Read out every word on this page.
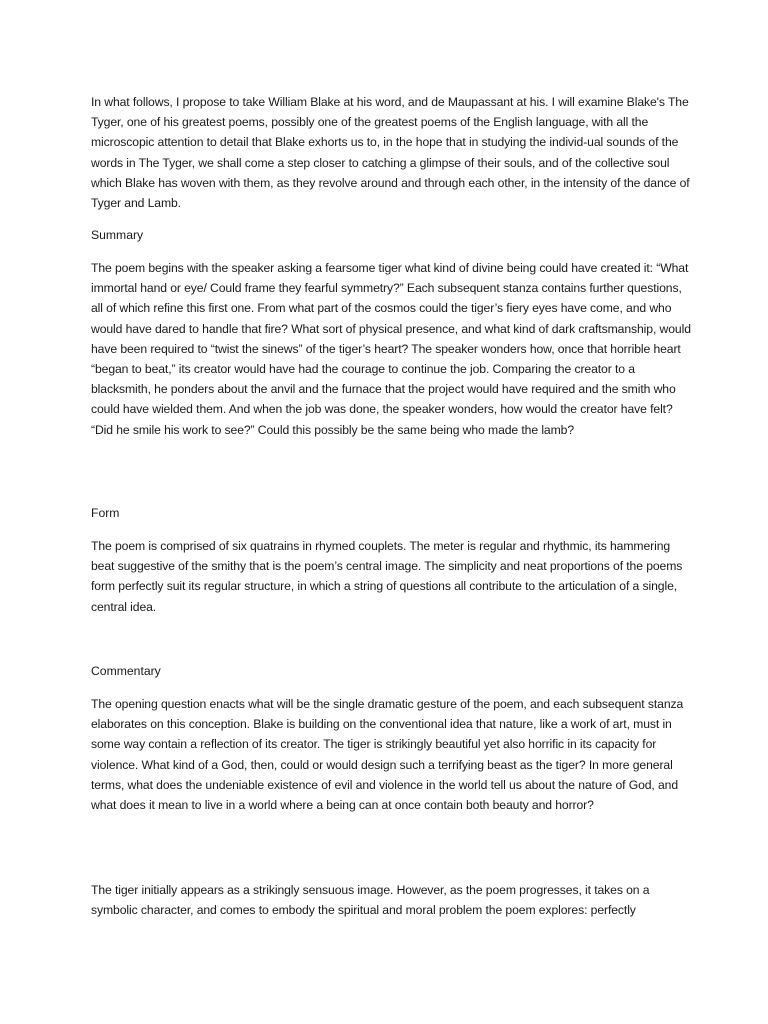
In what follows, I propose to take William Blake at his word, and de Maupassant at his. I will examine Blake's The Tyger, one of his greatest poems, possibly one of the greatest poems of the English language, with all the microscopic attention to detail that Blake exhorts us to, in the hope that in studying the individ-ual sounds of the words in The Tyger, we shall come a step closer to catching a glimpse of their souls, and of the collective soul which Blake has woven with them, as they revolve around and through each other, in the intensity of the dance of Tyger and Lamb.

Summary

The poem begins with the speaker asking a fearsome tiger what kind of divine being could have created it: “What immortal hand or eye/ Could frame they fearful symmetry?” Each subsequent stanza contains further questions, all of which refine this first one. From what part of the cosmos could the tiger’s fiery eyes have come, and who would have dared to handle that fire? What sort of physical presence, and what kind of dark craftsmanship, would have been required to “twist the sinews” of the tiger’s heart? The speaker wonders how, once that horrible heart “began to beat,” its creator would have had the courage to continue the job. Comparing the creator to a blacksmith, he ponders about the anvil and the furnace that the project would have required and the smith who could have wielded them. And when the job was done, the speaker wonders, how would the creator have felt? “Did he smile his work to see?” Could this possibly be the same being who made the lamb?

Form

The poem is comprised of six quatrains in rhymed couplets. The meter is regular and rhythmic, its hammering beat suggestive of the smithy that is the poem’s central image. The simplicity and neat proportions of the poems form perfectly suit its regular structure, in which a string of questions all contribute to the articulation of a single, central idea.

Commentary

The opening question enacts what will be the single dramatic gesture of the poem, and each subsequent stanza elaborates on this conception. Blake is building on the conventional idea that nature, like a work of art, must in some way contain a reflection of its creator. The tiger is strikingly beautiful yet also horrific in its capacity for violence. What kind of a God, then, could or would design such a terrifying beast as the tiger? In more general terms, what does the undeniable existence of evil and violence in the world tell us about the nature of God, and what does it mean to live in a world where a being can at once contain both beauty and horror?

The tiger initially appears as a strikingly sensuous image. However, as the poem progresses, it takes on a symbolic character, and comes to embody the spiritual and moral problem the poem explores: perfectly
